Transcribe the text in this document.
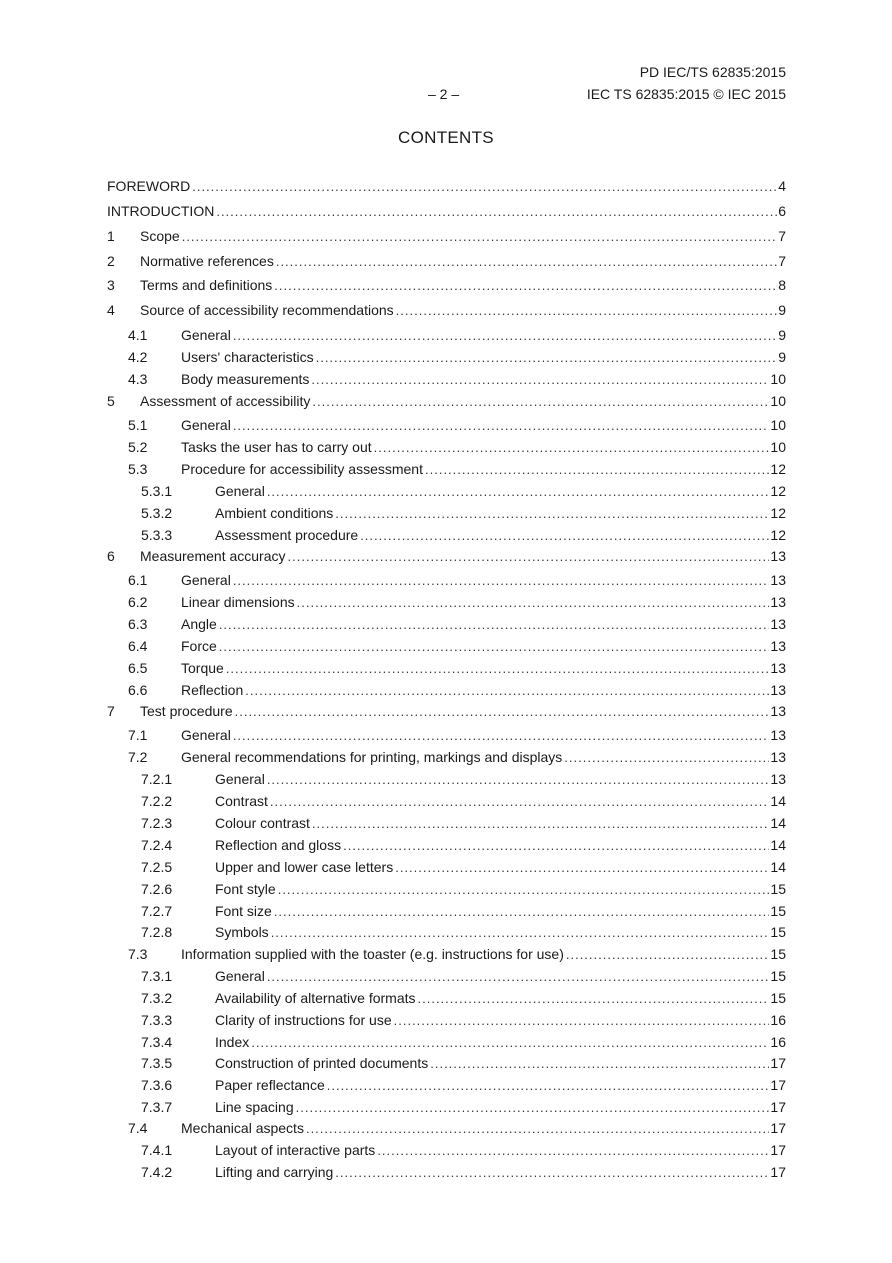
PD IEC/TS 62835:2015
– 2 –	IEC TS 62835:2015 © IEC 2015
CONTENTS
FOREWORD .....	4
INTRODUCTION .....	6
1 Scope .....	7
2 Normative references .....	7
3 Terms and definitions .....	8
4 Source of accessibility recommendations .....	9
4.1 General .....	9
4.2 Users' characteristics .....	9
4.3 Body measurements .....	10
5 Assessment of accessibility .....	10
5.1 General .....	10
5.2 Tasks the user has to carry out .....	10
5.3 Procedure for accessibility assessment .....	12
5.3.1	General .....	12
5.3.2	Ambient conditions .....	12
5.3.3	Assessment procedure .....	12
6 Measurement accuracy .....	13
6.1 General .....	13
6.2 Linear dimensions .....	13
6.3 Angle .....	13
6.4 Force .....	13
6.5 Torque .....	13
6.6 Reflection .....	13
7 Test procedure .....	13
7.1 General .....	13
7.2 General recommendations for printing, markings and displays .....	13
7.2.1	General .....	13
7.2.2	Contrast .....	14
7.2.3	Colour contrast .....	14
7.2.4	Reflection and gloss .....	14
7.2.5	Upper and lower case letters .....	14
7.2.6	Font style .....	15
7.2.7	Font size .....	15
7.2.8	Symbols .....	15
7.3 Information supplied with the toaster (e.g. instructions for use) .....	15
7.3.1	General .....	15
7.3.2	Availability of alternative formats .....	15
7.3.3	Clarity of instructions for use .....	16
7.3.4	Index .....	16
7.3.5	Construction of printed documents .....	17
7.3.6	Paper reflectance .....	17
7.3.7	Line spacing .....	17
7.4 Mechanical aspects .....	17
7.4.1	Layout of interactive parts .....	17
7.4.2	Lifting and carrying .....	17
